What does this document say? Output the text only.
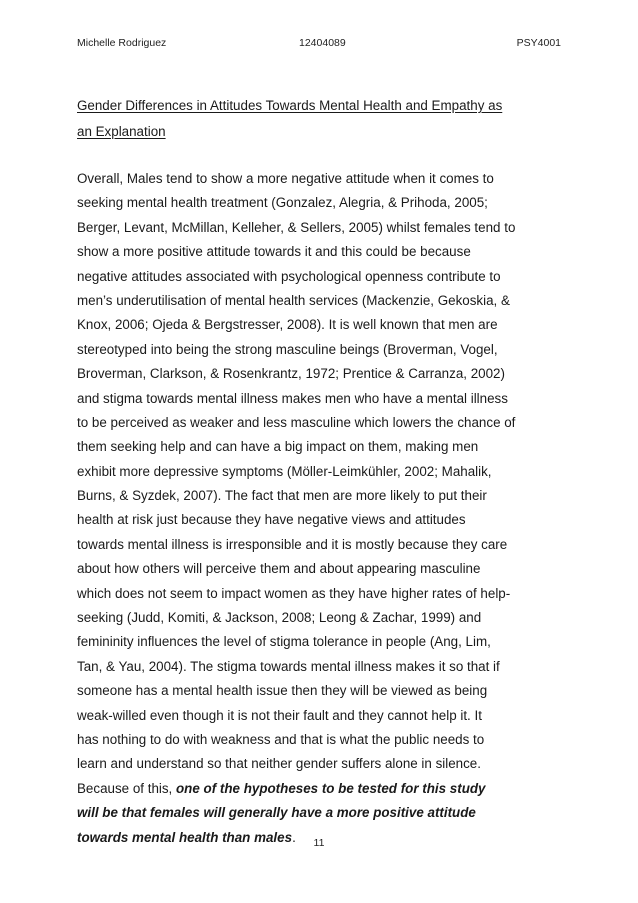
Michelle Rodriguez	12404089	PSY4001
Gender Differences in Attitudes Towards Mental Health and Empathy as
an Explanation
Overall, Males tend to show a more negative attitude when it comes to
seeking mental health treatment (Gonzalez, Alegria, & Prihoda, 2005;
Berger, Levant, McMillan, Kelleher, & Sellers, 2005) whilst females tend to
show a more positive attitude towards it and this could be because
negative attitudes associated with psychological openness contribute to
men’s underutilisation of mental health services (Mackenzie, Gekoskia, &
Knox, 2006; Ojeda & Bergstresser, 2008). It is well known that men are
stereotyped into being the strong masculine beings (Broverman, Vogel,
Broverman, Clarkson, & Rosenkrantz, 1972; Prentice & Carranza, 2002)
and stigma towards mental illness makes men who have a mental illness
to be perceived as weaker and less masculine which lowers the chance of
them seeking help and can have a big impact on them, making men
exhibit more depressive symptoms (Möller-Leimkühler, 2002; Mahalik,
Burns, & Syzdek, 2007). The fact that men are more likely to put their
health at risk just because they have negative views and attitudes
towards mental illness is irresponsible and it is mostly because they care
about how others will perceive them and about appearing masculine
which does not seem to impact women as they have higher rates of help-
seeking (Judd, Komiti, & Jackson, 2008; Leong & Zachar, 1999) and
femininity influences the level of stigma tolerance in people (Ang, Lim,
Tan, & Yau, 2004). The stigma towards mental illness makes it so that if
someone has a mental health issue then they will be viewed as being
weak-willed even though it is not their fault and they cannot help it. It
has nothing to do with weakness and that is what the public needs to
learn and understand so that neither gender suffers alone in silence.
Because of this, one of the hypotheses to be tested for this study
will be that females will generally have a more positive attitude
towards mental health than males.	11
